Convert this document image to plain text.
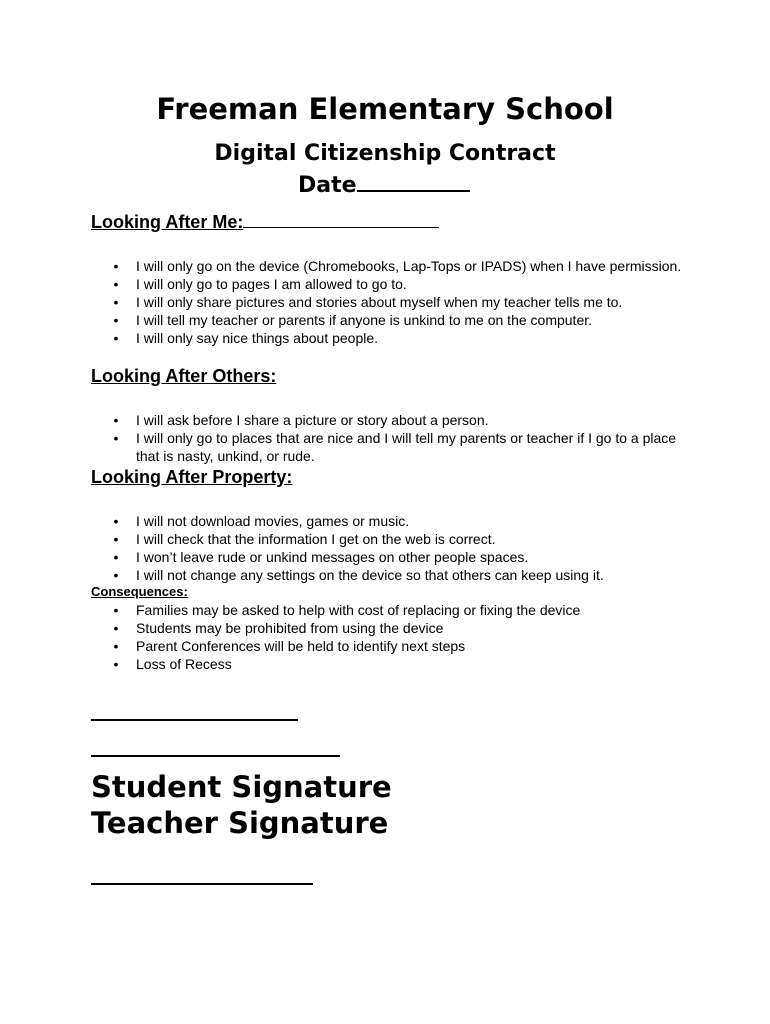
Freeman Elementary School
Digital Citizenship Contract
Date
Looking After Me:
• I will only go on the device (Chromebooks, Lap-Tops or IPADS) when I have permission.
• I will only go to pages I am allowed to go to.
• I will only share pictures and stories about myself when my teacher tells me to.
• I will tell my teacher or parents if anyone is unkind to me on the computer.
• I will only say nice things about people.
Looking After Others:
• I will ask before I share a picture or story about a person.
• I will only go to places that are nice and I will tell my parents or teacher if I go to a place that is nasty, unkind, or rude.
Looking After Property:
• I will not download movies, games or music.
• I will check that the information I get on the web is correct.
• I won’t leave rude or unkind messages on other people spaces.
• I will not change any settings on the device so that others can keep using it.
Consequences:
• Families may be asked to help with cost of replacing or fixing the device
• Students may be prohibited from using the device
• Parent Conferences will be held to identify next steps
• Loss of Recess
Student Signature
Teacher Signature
